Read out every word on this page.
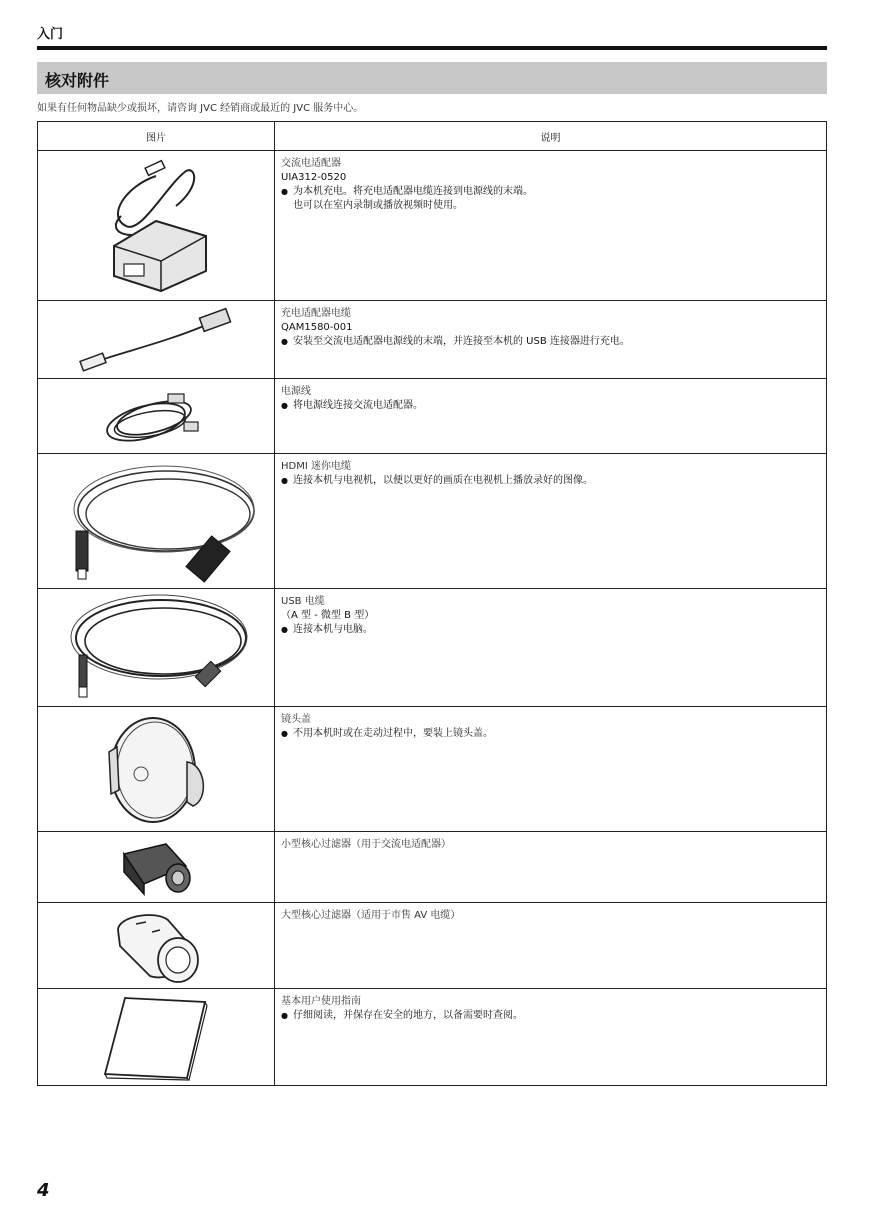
入门
核对附件
如果有任何物品缺少或损坏，请咨询 JVC 经销商或最近的 JVC 服务中心。
图片	说明

交流电适配器
UIA312-0520
● 为本机充电。将充电适配器电缆连接到电源线的末端。
也可以在室内录制或播放视频时使用。

充电适配器电缆
QAM1580-001
● 安装至交流电适配器电源线的末端，并连接至本机的 USB 连接器进行充电。

电源线
● 将电源线连接交流电适配器。

HDMI 迷你电缆
● 连接本机与电视机，以便以更好的画质在电视机上播放录好的图像。

USB 电缆
（A 型 - 微型 B 型）
● 连接本机与电脑。

镜头盖
● 不用本机时或在走动过程中，要装上镜头盖。

小型核心过滤器（用于交流电适配器）

大型核心过滤器（适用于市售 AV 电缆）

基本用户使用指南
● 仔细阅读，并保存在安全的地方，以备需要时查阅。
4
